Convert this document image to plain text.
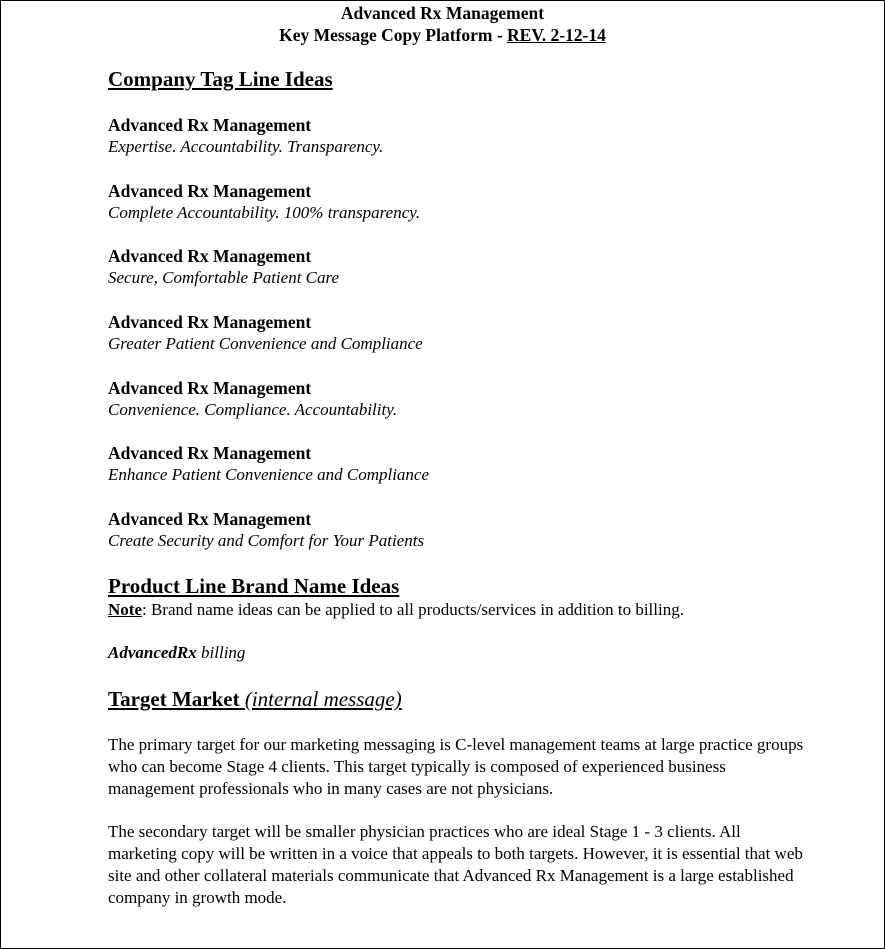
Advanced Rx Management
Key Message Copy Platform - REV. 2-12-14
Company Tag Line Ideas
Advanced Rx Management
Expertise. Accountability. Transparency.
Advanced Rx Management
Complete Accountability. 100% transparency.
Advanced Rx Management
Secure, Comfortable Patient Care
Advanced Rx Management
Greater Patient Convenience and Compliance
Advanced Rx Management
Convenience. Compliance. Accountability.
Advanced Rx Management
Enhance Patient Convenience and Compliance
Advanced Rx Management
Create Security and Comfort for Your Patients
Product Line Brand Name Ideas
Note: Brand name ideas can be applied to all products/services in addition to billing.
AdvancedRx billing
Target Market (internal message)
The primary target for our marketing messaging is C-level management teams at large practice groups who can become Stage 4 clients. This target typically is composed of experienced business management professionals who in many cases are not physicians.
The secondary target will be smaller physician practices who are ideal Stage 1 - 3 clients. All marketing copy will be written in a voice that appeals to both targets. However, it is essential that web site and other collateral materials communicate that Advanced Rx Management is a large established company in growth mode.
